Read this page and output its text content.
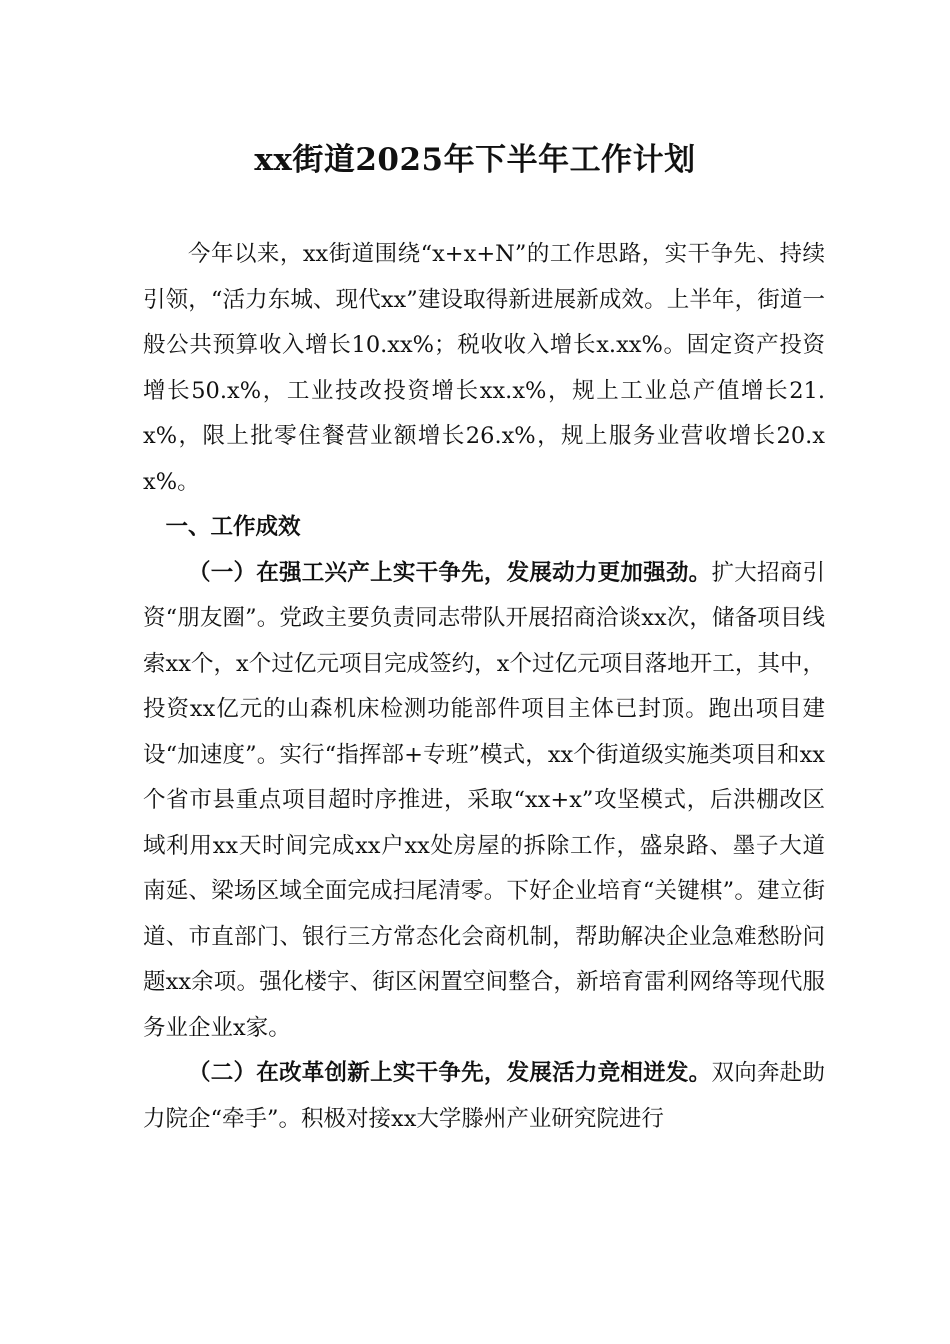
xx街道2025年下半年工作计划

今年以来，xx街道围绕“x+x+N”的工作思路，实干争先、持续引领，“活力东城、现代xx”建设取得新进展新成效。上半年，街道一般公共预算收入增长10.xx%；税收收入增长x.xx%。固定资产投资增长50.x%，工业技改投资增长xx.x%，规上工业总产值增长21.x%，限上批零住餐营业额增长26.x%，规上服务业营收增长20.xx%。

一、工作成效

（一）在强工兴产上实干争先，发展动力更加强劲。扩大招商引资“朋友圈”。党政主要负责同志带队开展招商洽谈xx次，储备项目线索xx个，x个过亿元项目完成签约，x个过亿元项目落地开工，其中，投资xx亿元的山森机床检测功能部件项目主体已封顶。跑出项目建设“加速度”。实行“指挥部+专班”模式，xx个街道级实施类项目和xx个省市县重点项目超时序推进，采取“xx+x”攻坚模式，后洪棚改区域利用xx天时间完成xx户xx处房屋的拆除工作，盛泉路、墨子大道南延、梁场区域全面完成扫尾清零。下好企业培育“关键棋”。建立街道、市直部门、银行三方常态化会商机制，帮助解决企业急难愁盼问题xx余项。强化楼宇、街区闲置空间整合，新培育雷利网络等现代服务业企业x家。

（二）在改革创新上实干争先，发展活力竞相迸发。双向奔赴助力院企“牵手”。积极对接xx大学滕州产业研究院进行
